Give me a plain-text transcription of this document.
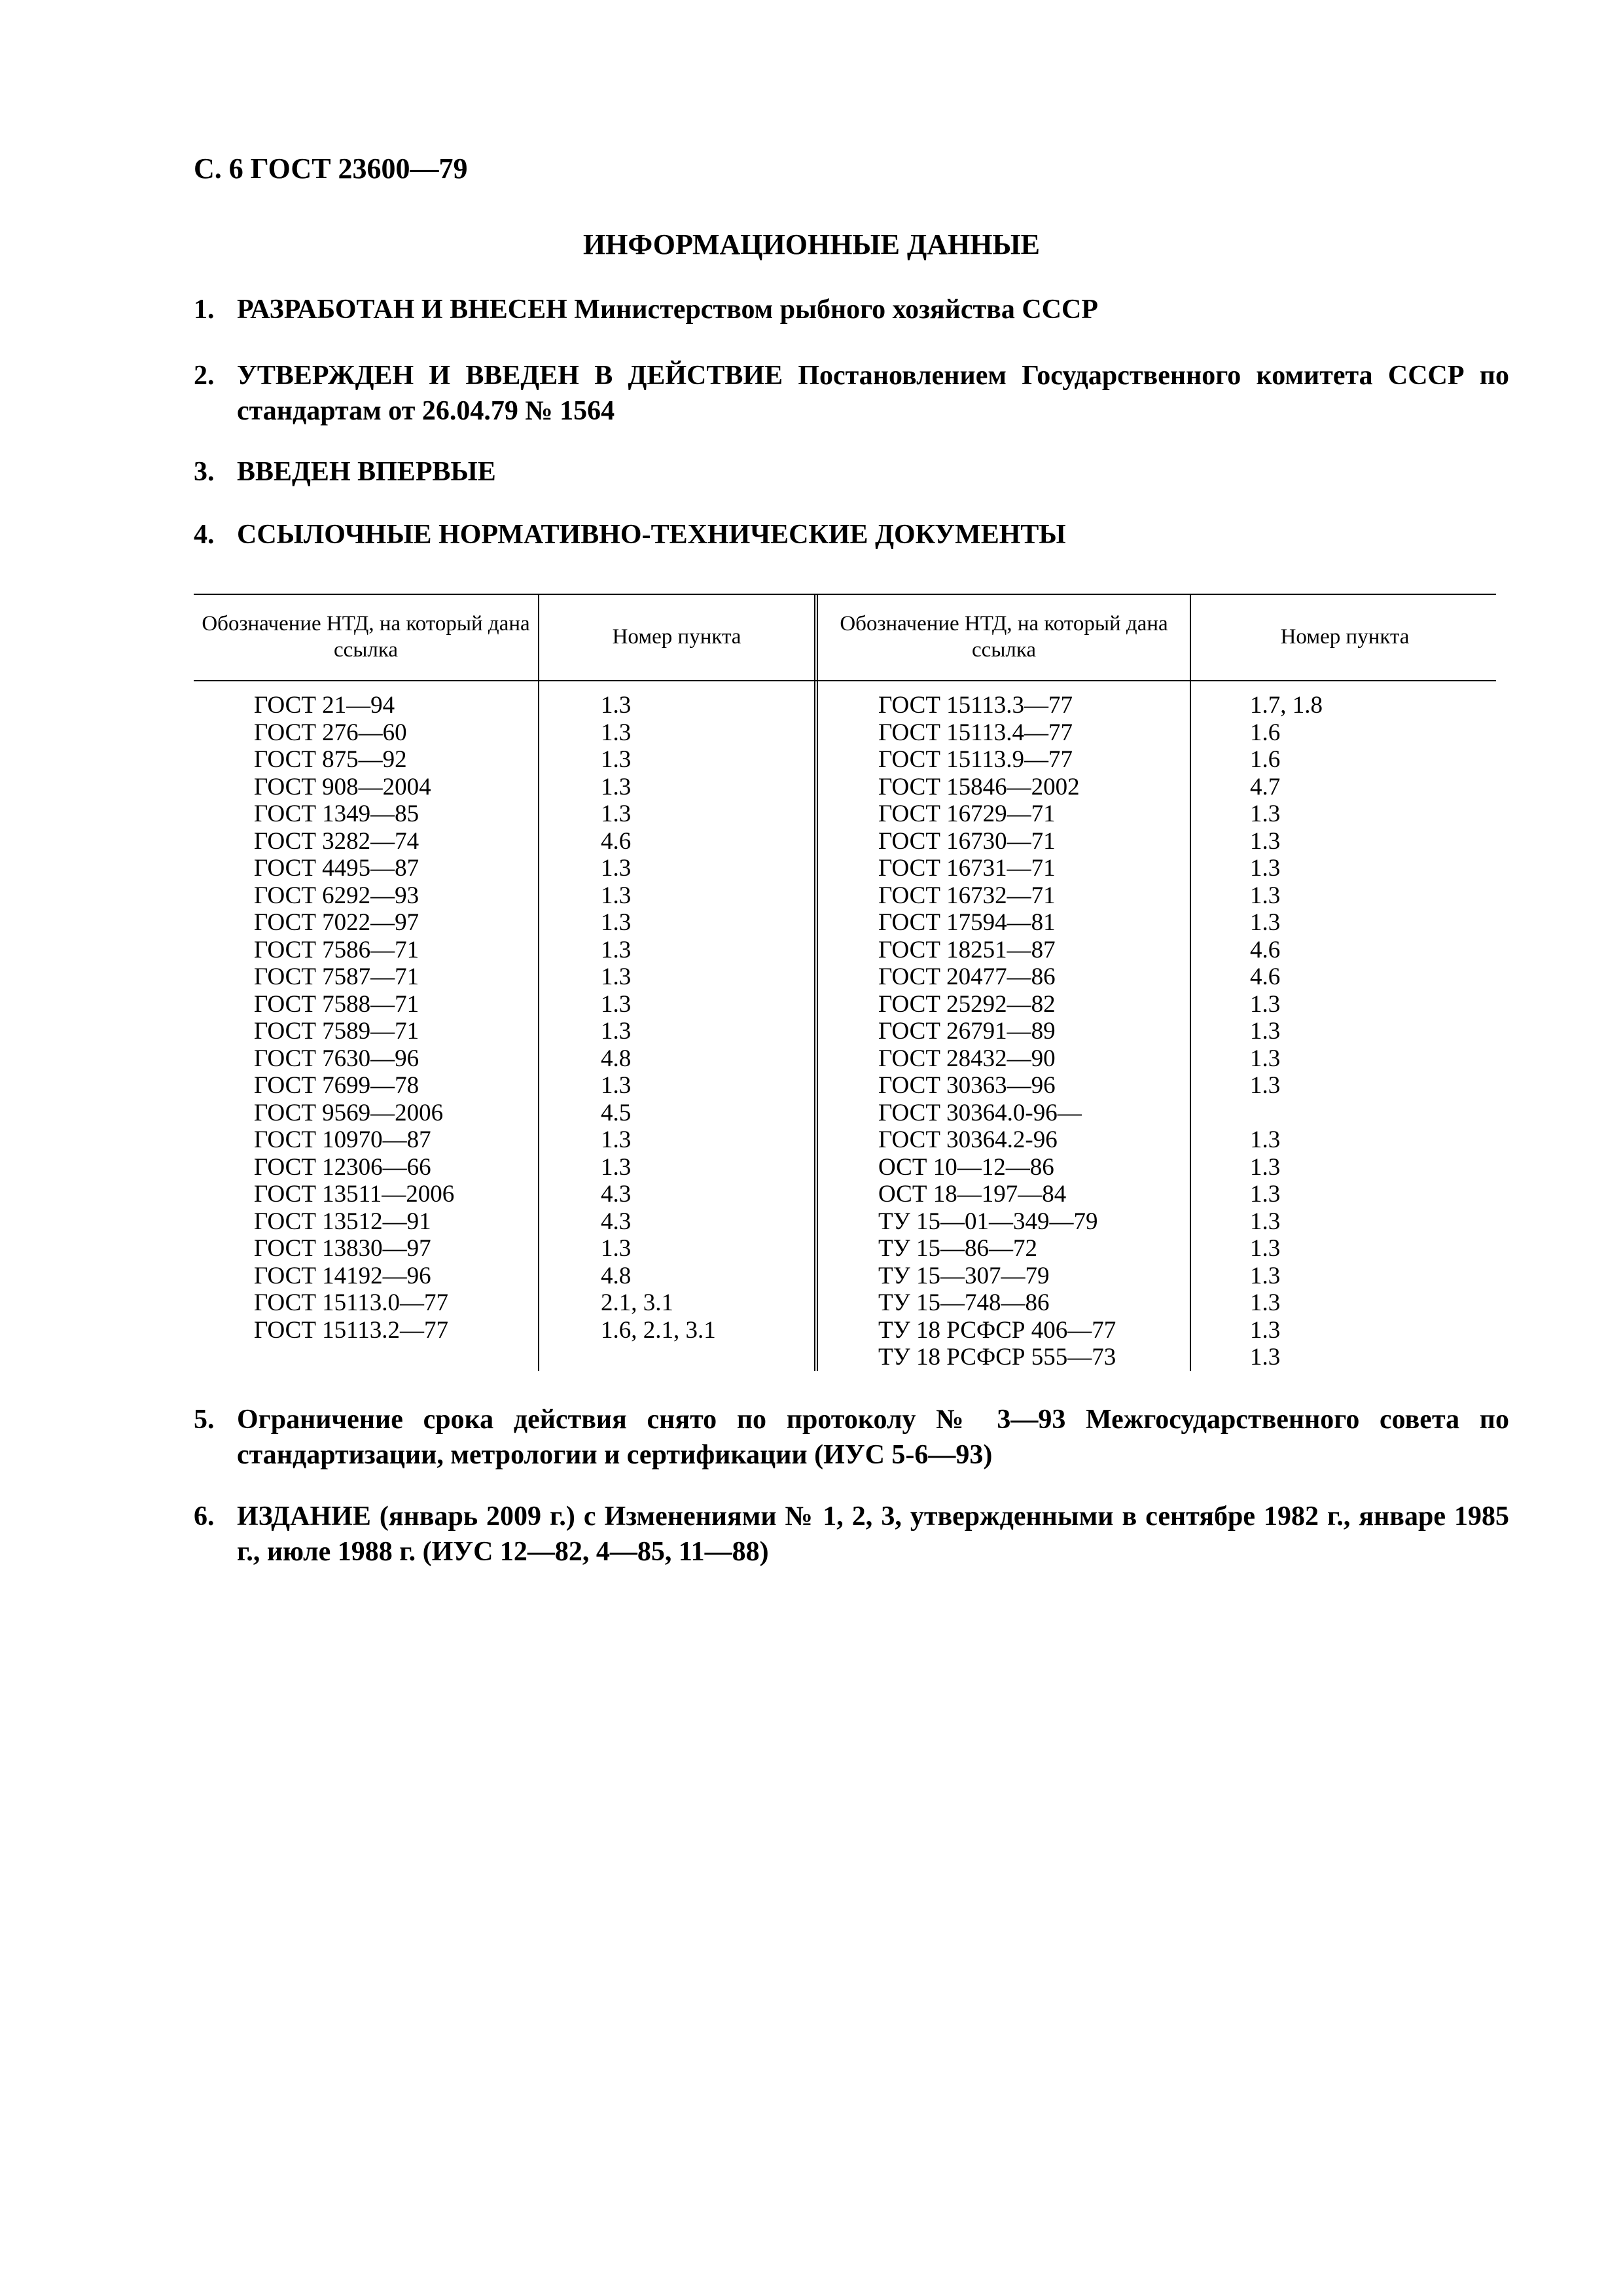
С. 6 ГОСТ 23600—79
ИНФОРМАЦИОННЫЕ ДАННЫЕ
1. РАЗРАБОТАН И ВНЕСЕН Министерством рыбного хозяйства СССР
2. УТВЕРЖДЕН И ВВЕДЕН В ДЕЙСТВИЕ Постановлением Государственного комитета СССР по стандартам от 26.04.79 № 1564
3. ВВЕДЕН ВПЕРВЫЕ
4. ССЫЛОЧНЫЕ НОРМАТИВНО-ТЕХНИЧЕСКИЕ ДОКУМЕНТЫ
Обозначение НТД, на который дана ссылка
Номер пункта
Обозначение НТД, на который дана ссылка
Номер пункта
ГОСТ 21—94
ГОСТ 276—60
ГОСТ 875—92
ГОСТ 908—2004
ГОСТ 1349—85
ГОСТ 3282—74
ГОСТ 4495—87
ГОСТ 6292—93
ГОСТ 7022—97
ГОСТ 7586—71
ГОСТ 7587—71
ГОСТ 7588—71
ГОСТ 7589—71
ГОСТ 7630—96
ГОСТ 7699—78
ГОСТ 9569—2006
ГОСТ 10970—87
ГОСТ 12306—66
ГОСТ 13511—2006
ГОСТ 13512—91
ГОСТ 13830—97
ГОСТ 14192—96
ГОСТ 15113.0—77
ГОСТ 15113.2—77
1.3
1.3
1.3
1.3
1.3
4.6
1.3
1.3
1.3
1.3
1.3
1.3
1.3
4.8
1.3
4.5
1.3
1.3
4.3
4.3
1.3
4.8
2.1, 3.1
1.6, 2.1, 3.1
ГОСТ 15113.3—77
ГОСТ 15113.4—77
ГОСТ 15113.9—77
ГОСТ 15846—2002
ГОСТ 16729—71
ГОСТ 16730—71
ГОСТ 16731—71
ГОСТ 16732—71
ГОСТ 17594—81
ГОСТ 18251—87
ГОСТ 20477—86
ГОСТ 25292—82
ГОСТ 26791—89
ГОСТ 28432—90
ГОСТ 30363—96
ГОСТ 30364.0-96—
ГОСТ 30364.2-96
ОСТ 10—12—86
ОСТ 18—197—84
ТУ 15—01—349—79
ТУ 15—86—72
ТУ 15—307—79
ТУ 15—748—86
ТУ 18 РСФСР 406—77
ТУ 18 РСФСР 555—73
1.7, 1.8
1.6
1.6
4.7
1.3
1.3
1.3
1.3
1.3
4.6
4.6
1.3
1.3
1.3
1.3
1.3
1.3
1.3
1.3
1.3
1.3
1.3
1.3
1.3
5. Ограничение срока действия снято по протоколу № 3—93 Межгосударственного совета по стандартизации, метрологии и сертификации (ИУС 5-6—93)
6. ИЗДАНИЕ (январь 2009 г.) с Изменениями № 1, 2, 3, утвержденными в сентябре 1982 г., январе 1985 г., июле 1988 г. (ИУС 12—82, 4—85, 11—88)
